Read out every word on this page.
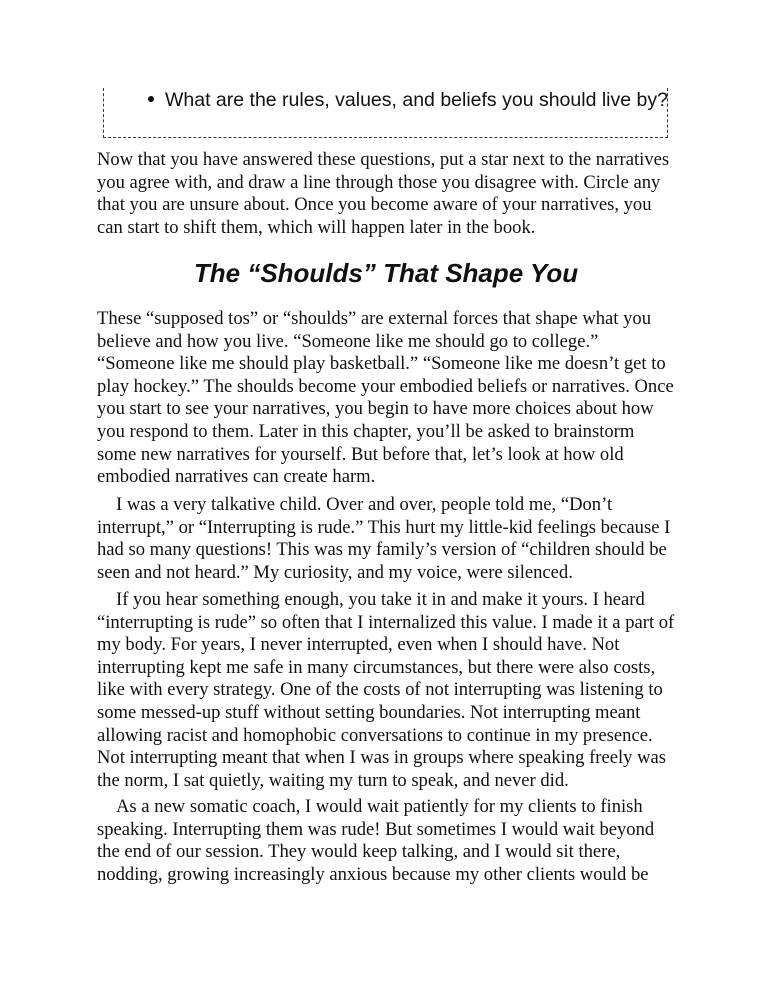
What are the rules, values, and beliefs you should live by?

Now that you have answered these questions, put a star next to the narratives you agree with, and draw a line through those you disagree with. Circle any that you are unsure about. Once you become aware of your narratives, you can start to shift them, which will happen later in the book.

The “Shoulds” That Shape You

These “supposed tos” or “shoulds” are external forces that shape what you believe and how you live. “Someone like me should go to college.” “Someone like me should play basketball.” “Someone like me doesn’t get to play hockey.” The shoulds become your embodied beliefs or narratives. Once you start to see your narratives, you begin to have more choices about how you respond to them. Later in this chapter, you’ll be asked to brainstorm some new narratives for yourself. But before that, let’s look at how old embodied narratives can create harm.

I was a very talkative child. Over and over, people told me, “Don’t interrupt,” or “Interrupting is rude.” This hurt my little-kid feelings because I had so many questions! This was my family’s version of “children should be seen and not heard.” My curiosity, and my voice, were silenced.

If you hear something enough, you take it in and make it yours. I heard “interrupting is rude” so often that I internalized this value. I made it a part of my body. For years, I never interrupted, even when I should have. Not interrupting kept me safe in many circumstances, but there were also costs, like with every strategy. One of the costs of not interrupting was listening to some messed-up stuff without setting boundaries. Not interrupting meant allowing racist and homophobic conversations to continue in my presence. Not interrupting meant that when I was in groups where speaking freely was the norm, I sat quietly, waiting my turn to speak, and never did.

As a new somatic coach, I would wait patiently for my clients to finish speaking. Interrupting them was rude! But sometimes I would wait beyond the end of our session. They would keep talking, and I would sit there, nodding, growing increasingly anxious because my other clients would be
